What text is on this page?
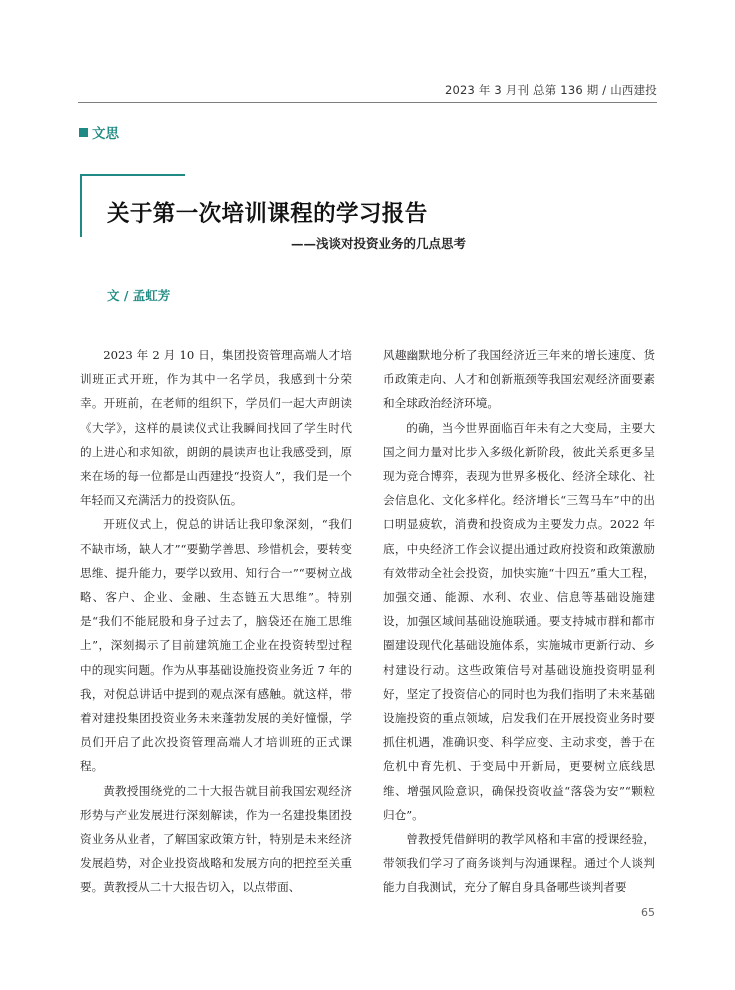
2023 年 3 月刊 总第 136 期 / 山西建投
文思
关于第一次培训课程的学习报告
——浅谈对投资业务的几点思考
文 / 孟虹芳

2023 年 2 月 10 日，集团投资管理高端人才培训班正式开班，作为其中一名学员，我感到十分荣幸。开班前，在老师的组织下，学员们一起大声朗读《大学》，这样的晨读仪式让我瞬间找回了学生时代的上进心和求知欲，朗朗的晨读声也让我感受到，原来在场的每一位都是山西建投“投资人”，我们是一个年轻而又充满活力的投资队伍。

开班仪式上，倪总的讲话让我印象深刻，“我们不缺市场，缺人才”“要勤学善思、珍惜机会，要转变思维、提升能力，要学以致用、知行合一”“要树立战略、客户、企业、金融、生态链五大思维”。特别是“我们不能屁股和身子过去了，脑袋还在施工思维上”，深刻揭示了目前建筑施工企业在投资转型过程中的现实问题。作为从事基础设施投资业务近 7 年的我，对倪总讲话中提到的观点深有感触。就这样，带着对建投集团投资业务未来蓬勃发展的美好憧憬，学员们开启了此次投资管理高端人才培训班的正式课程。

黄教授围绕党的二十大报告就目前我国宏观经济形势与产业发展进行深刻解读，作为一名建投集团投资业务从业者，了解国家政策方针，特别是未来经济发展趋势，对企业投资战略和发展方向的把控至关重要。黄教授从二十大报告切入，以点带面、

风趣幽默地分析了我国经济近三年来的增长速度、货币政策走向、人才和创新瓶颈等我国宏观经济面要素和全球政治经济环境。

的确，当今世界面临百年未有之大变局，主要大国之间力量对比步入多级化新阶段，彼此关系更多呈现为竞合博弈，表现为世界多极化、经济全球化、社会信息化、文化多样化。经济增长“三驾马车”中的出口明显疲软，消费和投资成为主要发力点。2022 年底，中央经济工作会议提出通过政府投资和政策激励有效带动全社会投资，加快实施“十四五”重大工程，加强交通、能源、水利、农业、信息等基础设施建设，加强区域间基础设施联通。要支持城市群和都市圈建设现代化基础设施体系，实施城市更新行动、乡村建设行动。这些政策信号对基础设施投资明显利好，坚定了投资信心的同时也为我们指明了未来基础设施投资的重点领域，启发我们在开展投资业务时要抓住机遇，准确识变、科学应变、主动求变，善于在危机中育先机、于变局中开新局，更要树立底线思维、增强风险意识，确保投资收益“落袋为安”“颗粒归仓”。

曾教授凭借鲜明的教学风格和丰富的授课经验，带领我们学习了商务谈判与沟通课程。通过个人谈判能力自我测试，充分了解自身具备哪些谈判者要

65
